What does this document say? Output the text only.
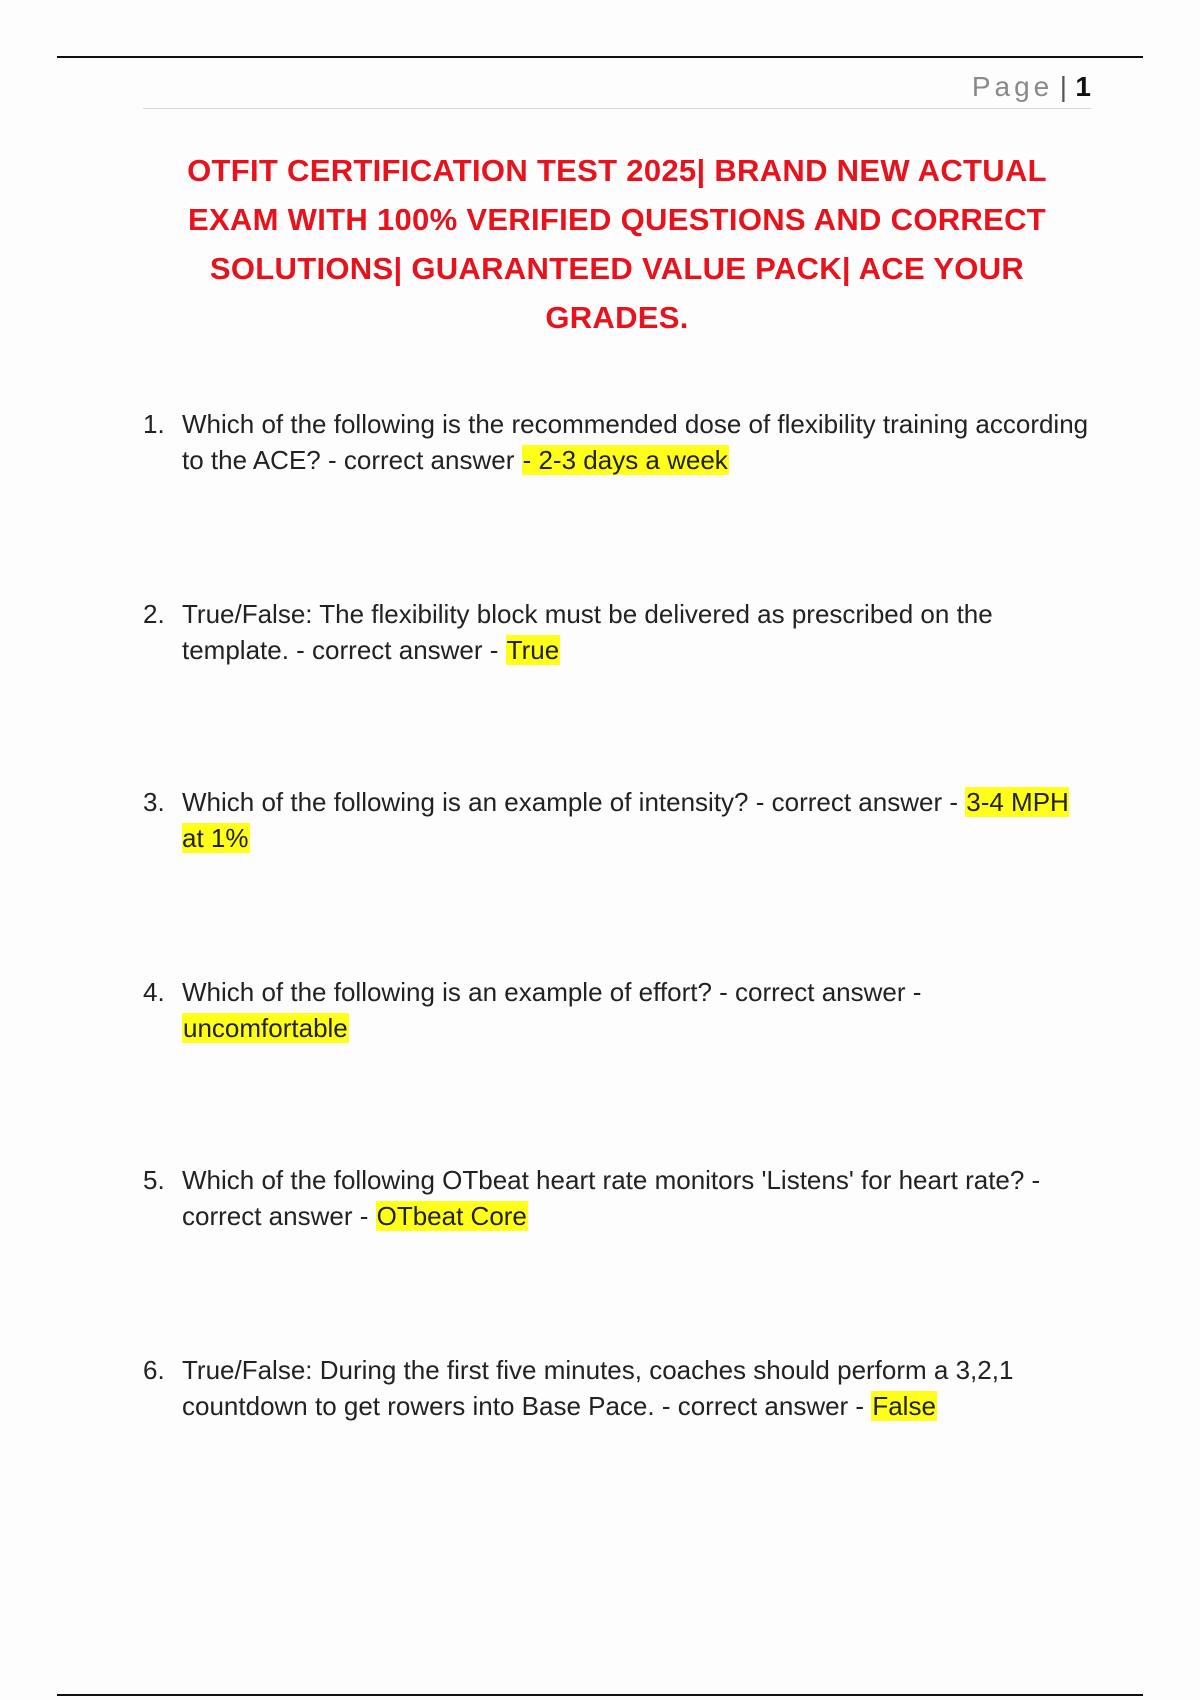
Page | 1
OTFIT CERTIFICATION TEST 2025| BRAND NEW ACTUAL EXAM WITH 100% VERIFIED QUESTIONS AND CORRECT SOLUTIONS| GUARANTEED VALUE PACK| ACE YOUR GRADES.
1. Which of the following is the recommended dose of flexibility training according to the ACE? - correct answer - 2-3 days a week
2. True/False: The flexibility block must be delivered as prescribed on the template. - correct answer - True
3. Which of the following is an example of intensity? - correct answer - 3-4 MPH at 1%
4. Which of the following is an example of effort? - correct answer - uncomfortable
5. Which of the following OTbeat heart rate monitors 'Listens' for heart rate? - correct answer - OTbeat Core
6. True/False: During the first five minutes, coaches should perform a 3,2,1 countdown to get rowers into Base Pace. - correct answer - False
